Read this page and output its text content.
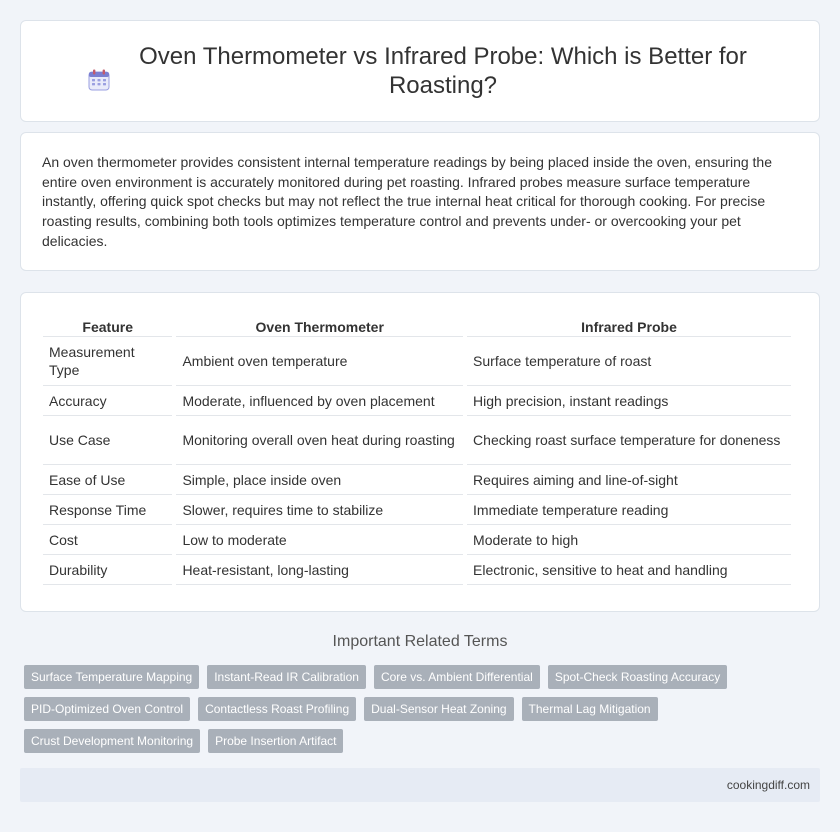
Oven Thermometer vs Infrared Probe: Which is Better for Roasting?

An oven thermometer provides consistent internal temperature readings by being placed inside the oven, ensuring the entire oven environment is accurately monitored during pet roasting. Infrared probes measure surface temperature instantly, offering quick spot checks but may not reflect the true internal heat critical for thorough cooking. For precise roasting results, combining both tools optimizes temperature control and prevents under- or overcooking your pet delicacies.

Feature	Oven Thermometer	Infrared Probe
Measurement Type	Ambient oven temperature	Surface temperature of roast
Accuracy	Moderate, influenced by oven placement	High precision, instant readings
Use Case	Monitoring overall oven heat during roasting	Checking roast surface temperature for doneness
Ease of Use	Simple, place inside oven	Requires aiming and line-of-sight
Response Time	Slower, requires time to stabilize	Immediate temperature reading
Cost	Low to moderate	Moderate to high
Durability	Heat-resistant, long-lasting	Electronic, sensitive to heat and handling
Important Related Terms
Surface Temperature Mapping	Instant-Read IR Calibration	Core vs. Ambient Differential	Spot-Check Roasting Accuracy
PID-Optimized Oven Control	Contactless Roast Profiling	Dual-Sensor Heat Zoning	Thermal Lag Mitigation
Crust Development Monitoring	Probe Insertion Artifact
cookingdiff.com
